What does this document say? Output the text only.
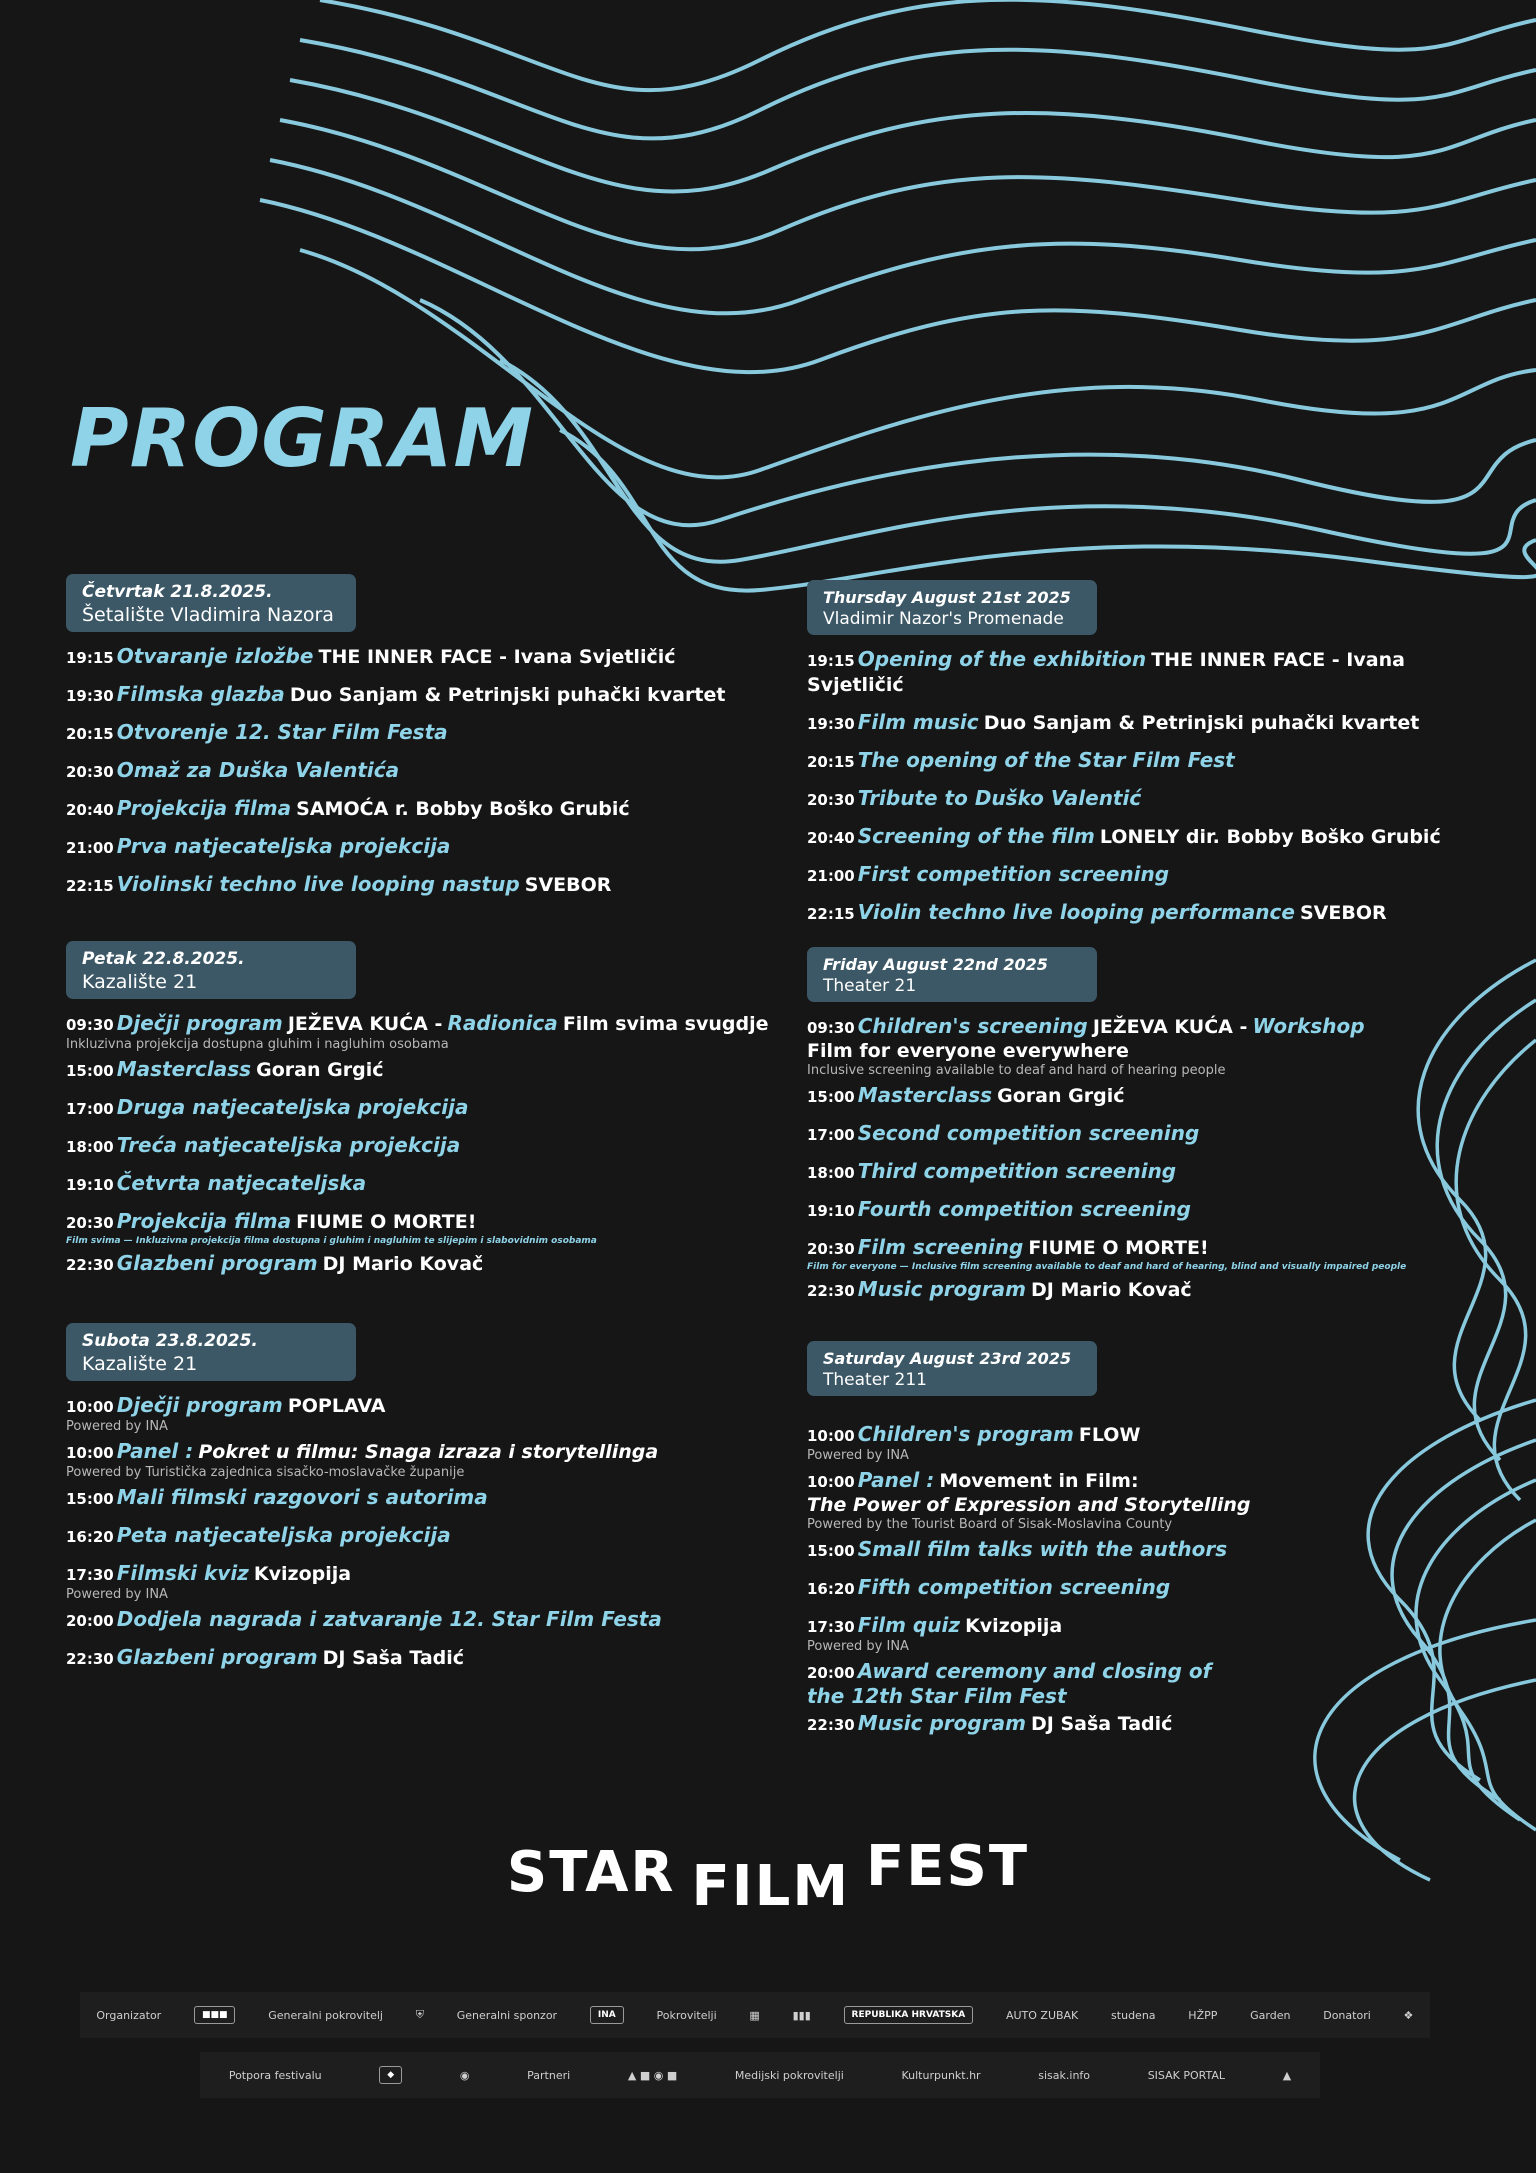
PROGRAM
Četvrtak 21.8.2025.
Šetalište Vladimira Nazora
19:15 Otvaranje izložbe THE INNER FACE - Ivana Svjetličić
19:30 Filmska glazba Duo Sanjam & Petrinjski puhački kvartet
20:15 Otvorenje 12. Star Film Festa
20:30 Omaž za Duška Valentića
20:40 Projekcija filma SAMOĆA r. Bobby Boško Grubić
21:00 Prva natjecateljska projekcija
22:15 Violinski techno live looping nastup SVEBOR
Petak 22.8.2025.
Kazalište 21
09:30 Dječji program JEŽEVA KUĆA - Radionica Film svima svugdje
Inkluzivna projekcija dostupna gluhim i nagluhim osobama
15:00 Masterclass Goran Grgić
17:00 Druga natjecateljska projekcija
18:00 Treća natjecateljska projekcija
19:10 Četvrta natjecateljska
20:30 Projekcija filma FIUME O MORTE!
Film svima — Inkluzivna projekcija filma dostupna i gluhim i nagluhim te slijepim i slabovidnim osobama
22:30 Glazbeni program DJ Mario Kovač
Subota 23.8.2025.
Kazalište 21
10:00 Dječji program POPLAVA
Powered by INA
10:00 Panel : Pokret u filmu: Snaga izraza i storytellinga
Powered by Turistička zajednica sisačko-moslavačke županije
15:00 Mali filmski razgovori s autorima
16:20 Peta natjecateljska projekcija
17:30 Filmski kviz Kvizopija
Powered by INA
20:00 Dodjela nagrada i zatvaranje 12. Star Film Festa
22:30 Glazbeni program DJ Saša Tadić
Thursday August 21st 2025
Vladimir Nazor's Promenade
19:15 Opening of the exhibition THE INNER FACE - Ivana Svjetličić
19:30 Film music Duo Sanjam & Petrinjski puhački kvartet
20:15 The opening of the Star Film Fest
20:30 Tribute to Duško Valentić
20:40 Screening of the film LONELY dir. Bobby Boško Grubić
21:00 First competition screening
22:15 Violin techno live looping performance SVEBOR
Friday August 22nd 2025
Theater 21
09:30 Children's screening JEŽEVA KUĆA - Workshop
Film for everyone everywhere
Inclusive screening available to deaf and hard of hearing people
15:00 Masterclass Goran Grgić
17:00 Second competition screening
18:00 Third competition screening
19:10 Fourth competition screening
20:30 Film screening FIUME O MORTE!
Film for everyone — Inclusive film screening available to deaf and hard of hearing, blind and visually impaired people
22:30 Music program DJ Mario Kovač
Saturday August 23rd 2025
Theater 211
10:00 Children's program FLOW
Powered by INA
10:00 Panel : Movement in Film:
The Power of Expression and Storytelling
Powered by the Tourist Board of Sisak-Moslavina County
15:00 Small film talks with the authors
16:20 Fifth competition screening
17:30 Film quiz Kvizopija
Powered by INA
20:00 Award ceremony and closing of
the 12th Star Film Fest
22:30 Music program DJ Saša Tadić
STAR FILM FEST
Organizator	■■■	Generalni pokrovitelj	⛨	Generalni sponzor	INA	Pokrovitelji	▦	▮▮▮	REPUBLIKA HRVATSKA	AUTO ZUBAK	studena	HŽPP	Garden	Donatori	❖
Potpora festivalu	◆	◉	Partneri	▲ ■ ◉ ■	Medijski pokrovitelji	Kulturpunkt.hr	sisak.info	SISAK PORTAL	▲
